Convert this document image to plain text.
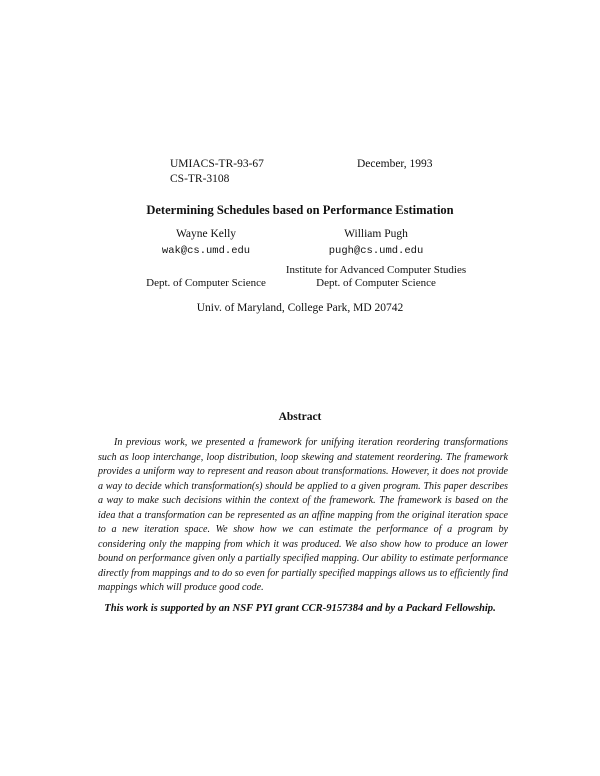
UMIACS-TR-93-67
CS-TR-3108
December, 1993
Determining Schedules based on Performance Estimation
Wayne Kelly
wak@cs.umd.edu
Dept. of Computer Science
William Pugh
pugh@cs.umd.edu
Institute for Advanced Computer Studies
Dept. of Computer Science
Univ. of Maryland, College Park, MD 20742
Abstract

In previous work, we presented a framework for unifying iteration reordering transformations such as loop interchange, loop distribution, loop skewing and statement reordering. The framework provides a uniform way to represent and reason about transformations. However, it does not provide a way to decide which transformation(s) should be applied to a given program. This paper describes a way to make such decisions within the context of the framework. The framework is based on the idea that a transformation can be represented as an affine mapping from the original iteration space to a new iteration space. We show how we can estimate the performance of a program by considering only the mapping from which it was produced. We also show how to produce an lower bound on performance given only a partially specified mapping. Our ability to estimate performance directly from mappings and to do so even for partially specified mappings allows us to efficiently find mappings which will produce good code.

This work is supported by an NSF PYI grant CCR-9157384 and by a Packard Fellowship.
